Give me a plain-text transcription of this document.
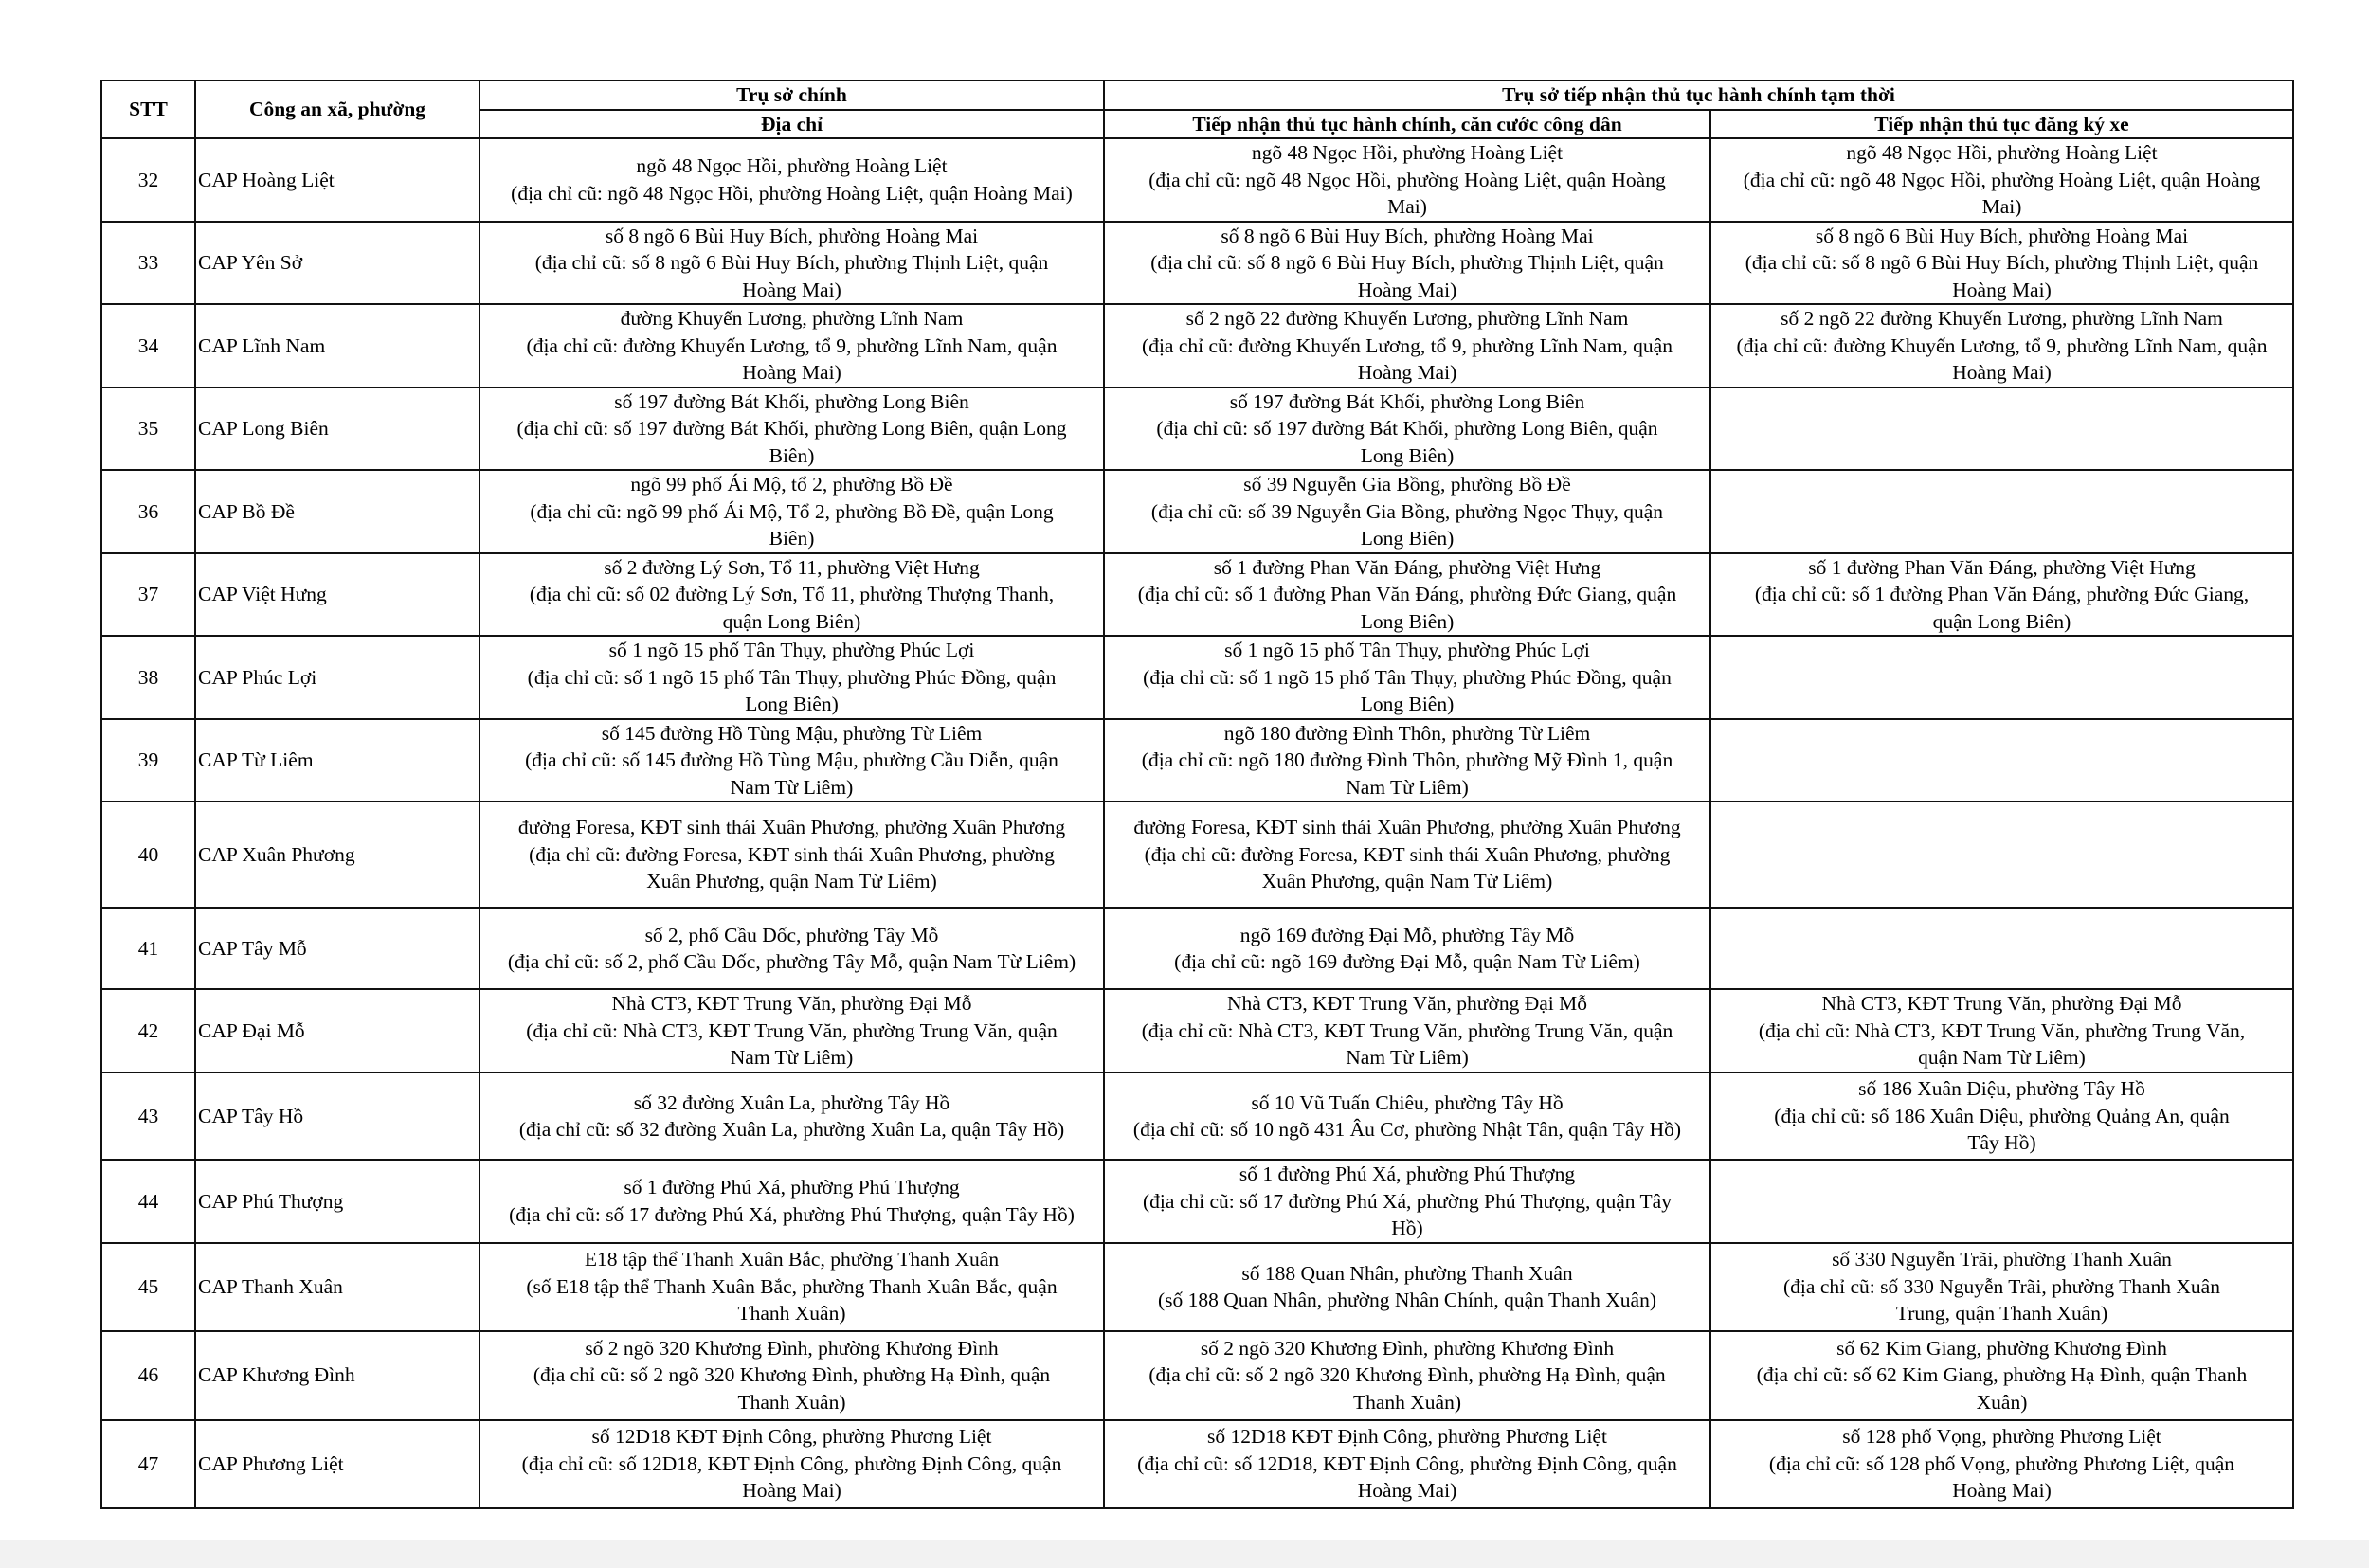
STT	Công an xã, phường	Trụ sở chính	Trụ sở tiếp nhận thủ tục hành chính tạm thời	
		Địa chỉ	Tiếp nhận thủ tục hành chính, căn cước công dân	Tiếp nhận thủ tục đăng ký xe
32	CAP Hoàng Liệt	ngõ 48 Ngọc Hồi, phường Hoàng Liệt
(địa chỉ cũ: ngõ 48 Ngọc Hồi, phường Hoàng Liệt, quận Hoàng Mai)	ngõ 48 Ngọc Hồi, phường Hoàng Liệt
(địa chỉ cũ: ngõ 48 Ngọc Hồi, phường Hoàng Liệt, quận Hoàng
Mai)	ngõ 48 Ngọc Hồi, phường Hoàng Liệt
(địa chỉ cũ: ngõ 48 Ngọc Hồi, phường Hoàng Liệt, quận Hoàng
Mai)

33	CAP Yên Sở	số 8 ngõ 6 Bùi Huy Bích, phường Hoàng Mai
(địa chỉ cũ: số 8 ngõ 6 Bùi Huy Bích, phường Thịnh Liệt, quận
Hoàng Mai)	số 8 ngõ 6 Bùi Huy Bích, phường Hoàng Mai
(địa chỉ cũ: số 8 ngõ 6 Bùi Huy Bích, phường Thịnh Liệt, quận
Hoàng Mai)	số 8 ngõ 6 Bùi Huy Bích, phường Hoàng Mai
(địa chỉ cũ: số 8 ngõ 6 Bùi Huy Bích, phường Thịnh Liệt, quận
Hoàng Mai)

34	CAP Lĩnh Nam	đường Khuyến Lương, phường Lĩnh Nam
(địa chỉ cũ: đường Khuyến Lương, tổ 9, phường Lĩnh Nam, quận
Hoàng Mai)	số 2 ngõ 22 đường Khuyến Lương, phường Lĩnh Nam
(địa chỉ cũ: đường Khuyến Lương, tổ 9, phường Lĩnh Nam, quận
Hoàng Mai)	số 2 ngõ 22 đường Khuyến Lương, phường Lĩnh Nam
(địa chỉ cũ: đường Khuyến Lương, tổ 9, phường Lĩnh Nam, quận
Hoàng Mai)

35	CAP Long Biên	số 197 đường Bát Khối, phường Long Biên
(địa chỉ cũ: số 197 đường Bát Khối, phường Long Biên, quận Long
Biên)	số 197 đường Bát Khối, phường Long Biên
(địa chỉ cũ: số 197 đường Bát Khối, phường Long Biên, quận
Long Biên)	

36	CAP Bồ Đề	ngõ 99 phố Ái Mộ, tổ 2, phường Bồ Đề
(địa chỉ cũ: ngõ 99 phố Ái Mộ, Tổ 2, phường Bồ Đề, quận Long
Biên)	số 39 Nguyễn Gia Bồng, phường Bồ Đề
(địa chỉ cũ: số 39 Nguyễn Gia Bồng, phường Ngọc Thụy, quận
Long Biên)	

37	CAP Việt Hưng	số 2 đường Lý Sơn, Tổ 11, phường Việt Hưng
(địa chỉ cũ: số 02 đường Lý Sơn, Tổ 11, phường Thượng Thanh,
quận Long Biên)	số 1 đường Phan Văn Đáng, phường Việt Hưng
(địa chỉ cũ: số 1 đường Phan Văn Đáng, phường Đức Giang, quận
Long Biên)	số 1 đường Phan Văn Đáng, phường Việt Hưng
(địa chỉ cũ: số 1 đường Phan Văn Đáng, phường Đức Giang,
quận Long Biên)

38	CAP Phúc Lợi	số 1 ngõ 15 phố Tân Thụy, phường Phúc Lợi
(địa chỉ cũ: số 1 ngõ 15 phố Tân Thụy, phường Phúc Đồng, quận
Long Biên)	số 1 ngõ 15 phố Tân Thụy, phường Phúc Lợi
(địa chỉ cũ: số 1 ngõ 15 phố Tân Thụy, phường Phúc Đồng, quận
Long Biên)	

39	CAP Từ Liêm	số 145 đường Hồ Tùng Mậu, phường Từ Liêm
(địa chỉ cũ: số 145 đường Hồ Tùng Mậu, phường Cầu Diễn, quận
Nam Từ Liêm)	ngõ 180 đường Đình Thôn, phường Từ Liêm
(địa chỉ cũ: ngõ 180 đường Đình Thôn, phường Mỹ Đình 1, quận
Nam Từ Liêm)	

40	CAP Xuân Phương	đường Foresa, KĐT sinh thái Xuân Phương, phường Xuân Phương
(địa chỉ cũ: đường Foresa, KĐT sinh thái Xuân Phương, phường
Xuân Phương, quận Nam Từ Liêm)	đường Foresa, KĐT sinh thái Xuân Phương, phường Xuân Phương
(địa chỉ cũ: đường Foresa, KĐT sinh thái Xuân Phương, phường
Xuân Phương, quận Nam Từ Liêm)	

41	CAP Tây Mỗ	số 2, phố Cầu Dốc, phường Tây Mỗ
(địa chỉ cũ: số 2, phố Cầu Dốc, phường Tây Mỗ, quận Nam Từ Liêm)	ngõ 169 đường Đại Mỗ, phường Tây Mỗ
(địa chỉ cũ: ngõ 169 đường Đại Mỗ, quận Nam Từ Liêm)	

42	CAP Đại Mỗ	Nhà CT3, KĐT Trung Văn, phường Đại Mỗ
(địa chỉ cũ: Nhà CT3, KĐT Trung Văn, phường Trung Văn, quận
Nam Từ Liêm)	Nhà CT3, KĐT Trung Văn, phường Đại Mỗ
(địa chỉ cũ: Nhà CT3, KĐT Trung Văn, phường Trung Văn, quận
Nam Từ Liêm)	Nhà CT3, KĐT Trung Văn, phường Đại Mỗ
(địa chỉ cũ: Nhà CT3, KĐT Trung Văn, phường Trung Văn,
quận Nam Từ Liêm)

43	CAP Tây Hồ	số 32 đường Xuân La, phường Tây Hồ
(địa chỉ cũ: số 32 đường Xuân La, phường Xuân La, quận Tây Hồ)	số 10 Vũ Tuấn Chiêu, phường Tây Hồ
(địa chỉ cũ: số 10 ngõ 431 Âu Cơ, phường Nhật Tân, quận Tây Hồ)	số 186 Xuân Diệu, phường Tây Hồ
(địa chỉ cũ: số 186 Xuân Diệu, phường Quảng An, quận
Tây Hồ)

44	CAP Phú Thượng	số 1 đường Phú Xá, phường Phú Thượng
(địa chỉ cũ: số 17 đường Phú Xá, phường Phú Thượng, quận Tây Hồ)	số 1 đường Phú Xá, phường Phú Thượng
(địa chỉ cũ: số 17 đường Phú Xá, phường Phú Thượng, quận Tây
Hồ)	

45	CAP Thanh Xuân	E18 tập thể Thanh Xuân Bắc, phường Thanh Xuân
(số E18 tập thể Thanh Xuân Bắc, phường Thanh Xuân Bắc, quận
Thanh Xuân)	số 188 Quan Nhân, phường Thanh Xuân
(số 188 Quan Nhân, phường Nhân Chính, quận Thanh Xuân)	số 330 Nguyễn Trãi, phường Thanh Xuân
(địa chỉ cũ: số 330 Nguyễn Trãi, phường Thanh Xuân
Trung, quận Thanh Xuân)

46	CAP Khương Đình	số 2 ngõ 320 Khương Đình, phường Khương Đình
(địa chỉ cũ: số 2 ngõ 320 Khương Đình, phường Hạ Đình, quận
Thanh Xuân)	số 2 ngõ 320 Khương Đình, phường Khương Đình
(địa chỉ cũ: số 2 ngõ 320 Khương Đình, phường Hạ Đình, quận
Thanh Xuân)	số 62 Kim Giang, phường Khương Đình
(địa chỉ cũ: số 62 Kim Giang, phường Hạ Đình, quận Thanh
Xuân)

47	CAP Phương Liệt	số 12D18 KĐT Định Công, phường Phương Liệt
(địa chỉ cũ: số 12D18, KĐT Định Công, phường Định Công, quận
Hoàng Mai)	số 12D18 KĐT Định Công, phường Phương Liệt
(địa chỉ cũ: số 12D18, KĐT Định Công, phường Định Công, quận
Hoàng Mai)	số 128 phố Vọng, phường Phương Liệt
(địa chỉ cũ: số 128 phố Vọng, phường Phương Liệt, quận
Hoàng Mai)
